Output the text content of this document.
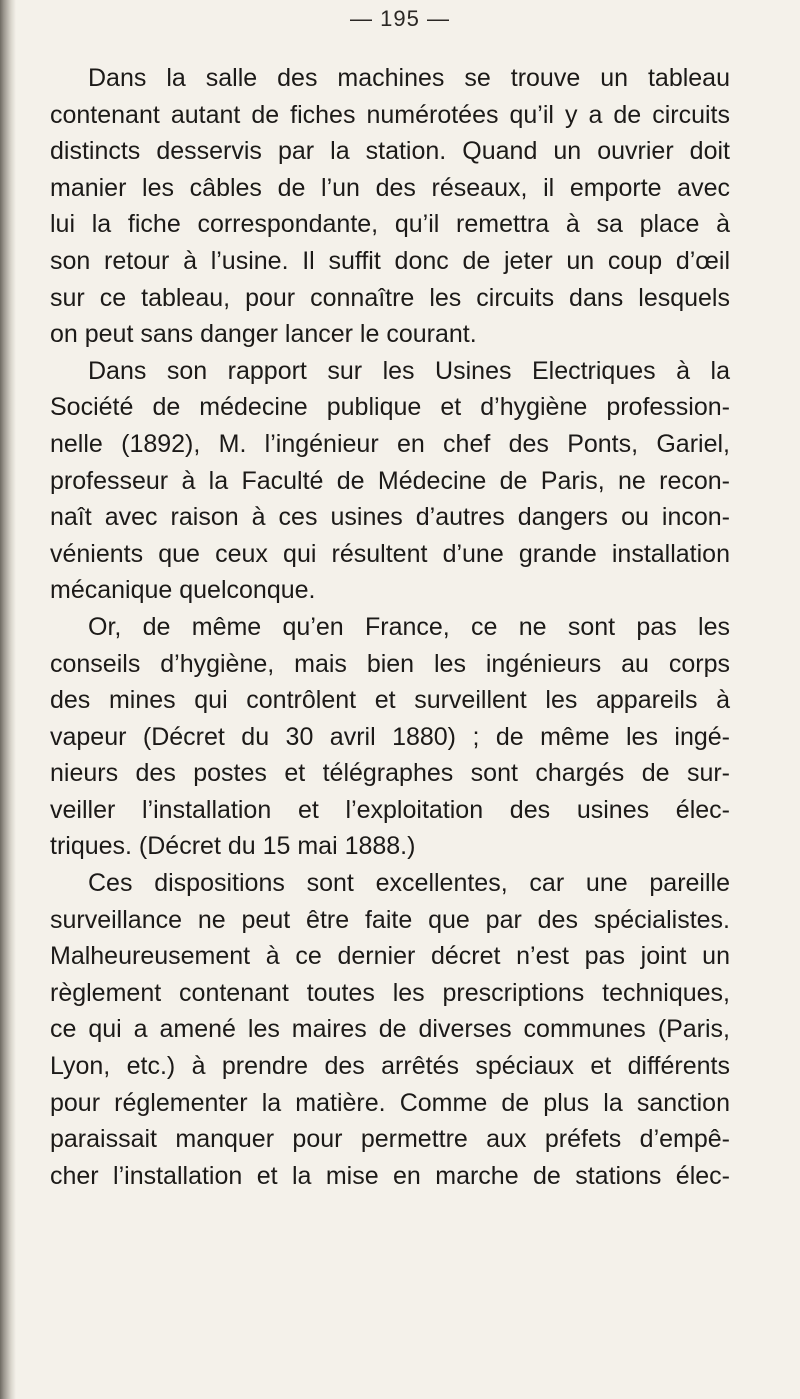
— 195 —
Dans la salle des machines se trouve un tableau
contenant autant de fiches numérotées qu’il y a de circuits
distincts desservis par la station. Quand un ouvrier doit
manier les câbles de l’un des réseaux, il emporte avec
lui la fiche correspondante, qu’il remettra à sa place à
son retour à l’usine. Il suffit donc de jeter un coup d’œil
sur ce tableau, pour connaître les circuits dans lesquels
on peut sans danger lancer le courant.
Dans son rapport sur les Usines Electriques à la
Société de médecine publique et d’hygiène profession-
nelle (1892), M. l’ingénieur en chef des Ponts, Gariel,
professeur à la Faculté de Médecine de Paris, ne recon-
naît avec raison à ces usines d’autres dangers ou incon-
vénients que ceux qui résultent d’une grande installation
mécanique quelconque.
Or, de même qu’en France, ce ne sont pas les
conseils d’hygiène, mais bien les ingénieurs au corps
des mines qui contrôlent et surveillent les appareils à
vapeur (Décret du 30 avril 1880) ; de même les ingé-
nieurs des postes et télégraphes sont chargés de sur-
veiller l’installation et l’exploitation des usines élec-
triques. (Décret du 15 mai 1888.)
Ces dispositions sont excellentes, car une pareille
surveillance ne peut être faite que par des spécialistes.
Malheureusement à ce dernier décret n’est pas joint un
règlement contenant toutes les prescriptions techniques,
ce qui a amené les maires de diverses communes (Paris,
Lyon, etc.) à prendre des arrêtés spéciaux et différents
pour réglementer la matière. Comme de plus la sanction
paraissait manquer pour permettre aux préfets d’empê-
cher l’installation et la mise en marche de stations élec-
